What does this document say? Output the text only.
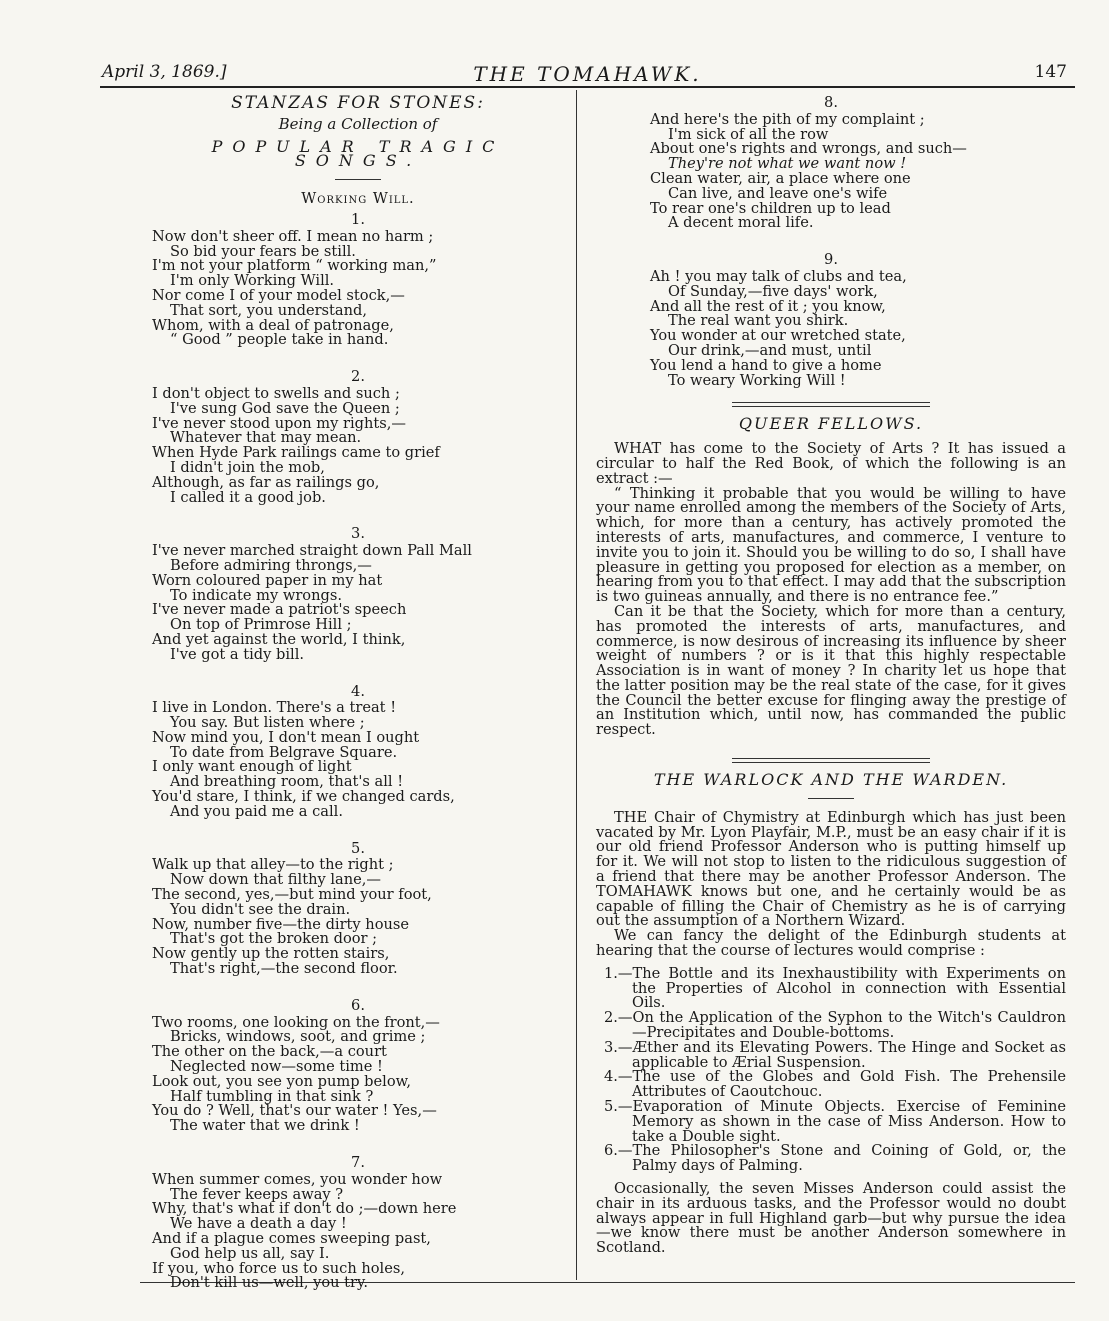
April 3, 1869.]	THE TOMAHAWK.	147
STANZAS FOR STONES:
Being a Collection of
POPULAR TRAGIC SONGS.
Working Will.
1.
Now don't sheer off. I mean no harm ;
So bid your fears be still.
I'm not your platform “ working man,”
I'm only Working Will.
Nor come I of your model stock,—
That sort, you understand,
Whom, with a deal of patronage,
“ Good ” people take in hand.
2.
I don't object to swells and such ;
I've sung God save the Queen ;
I've never stood upon my rights,—
Whatever that may mean.
When Hyde Park railings came to grief
I didn't join the mob,
Although, as far as railings go,
I called it a good job.
3.
I've never marched straight down Pall Mall
Before admiring throngs,—
Worn coloured paper in my hat
To indicate my wrongs.
I've never made a patriot's speech
On top of Primrose Hill ;
And yet against the world, I think,
I've got a tidy bill.
4.
I live in London. There's a treat !
You say. But listen where ;
Now mind you, I don't mean I ought
To date from Belgrave Square.
I only want enough of light
And breathing room, that's all !
You'd stare, I think, if we changed cards,
And you paid me a call.
5.
Walk up that alley—to the right ;
Now down that filthy lane,—
The second, yes,—but mind your foot,
You didn't see the drain.
Now, number five—the dirty house
That's got the broken door ;
Now gently up the rotten stairs,
That's right,—the second floor.
6.
Two rooms, one looking on the front,—
Bricks, windows, soot, and grime ;
The other on the back,—a court
Neglected now—some time !
Look out, you see yon pump below,
Half tumbling in that sink ?
You do ? Well, that's our water ! Yes,—
The water that we drink !
7.
When summer comes, you wonder how
The fever keeps away ?
Why, that's what if don't do ;—down here
We have a death a day !
And if a plague comes sweeping past,
God help us all, say I.
If you, who force us to such holes,
Don't kill us—well, you try.
8.
And here's the pith of my complaint ;
I'm sick of all the row
About one's rights and wrongs, and such—
They're not what we want now !
Clean water, air, a place where one
Can live, and leave one's wife
To rear one's children up to lead
A decent moral life.
9.
Ah ! you may talk of clubs and tea,
Of Sunday,—five days' work,
And all the rest of it ; you know,
The real want you shirk.
You wonder at our wretched state,
Our drink,—and must, until
You lend a hand to give a home
To weary Working Will !
QUEER FELLOWS.

WHAT has come to the Society of Arts ? It has issued a circular to half the Red Book, of which the following is an extract :—

“ Thinking it probable that you would be willing to have your name enrolled among the members of the Society of Arts, which, for more than a century, has actively promoted the interests of arts, manufactures, and commerce, I venture to invite you to join it. Should you be willing to do so, I shall have pleasure in getting you proposed for election as a member, on hearing from you to that effect. I may add that the subscription is two guineas annually, and there is no entrance fee.”

Can it be that the Society, which for more than a century, has promoted the interests of arts, manufactures, and commerce, is now desirous of increasing its influence by sheer weight of numbers ? or is it that this highly respectable Association is in want of money ? In charity let us hope that the latter position may be the real state of the case, for it gives the Council the better excuse for flinging away the prestige of an Institution which, until now, has commanded the public respect.

THE WARLOCK AND THE WARDEN.

THE Chair of Chymistry at Edinburgh which has just been vacated by Mr. Lyon Playfair, M.P., must be an easy chair if it is our old friend Professor Anderson who is putting himself up for it. We will not stop to listen to the ridiculous suggestion of a friend that there may be another Professor Anderson. The TOMAHAWK knows but one, and he certainly would be as capable of filling the Chair of Chemistry as he is of carrying out the assumption of a Northern Wizard.

We can fancy the delight of the Edinburgh students at hearing that the course of lectures would comprise :

1.—The Bottle and its Inexhaustibility with Experiments on the Properties of Alcohol in connection with Essential Oils.
2.—On the Application of the Syphon to the Witch's Cauldron—Precipitates and Double-bottoms.
3.—Æther and its Elevating Powers. The Hinge and Socket as applicable to Ærial Suspension.
4.—The use of the Globes and Gold Fish. The Prehensile Attributes of Caoutchouc.
5.—Evaporation of Minute Objects. Exercise of Feminine Memory as shown in the case of Miss Anderson. How to take a Double sight.
6.—The Philosopher's Stone and Coining of Gold, or, the Palmy days of Palming.

Occasionally, the seven Misses Anderson could assist the chair in its arduous tasks, and the Professor would no doubt always appear in full Highland garb—but why pursue the idea—we know there must be another Anderson somewhere in Scotland.
